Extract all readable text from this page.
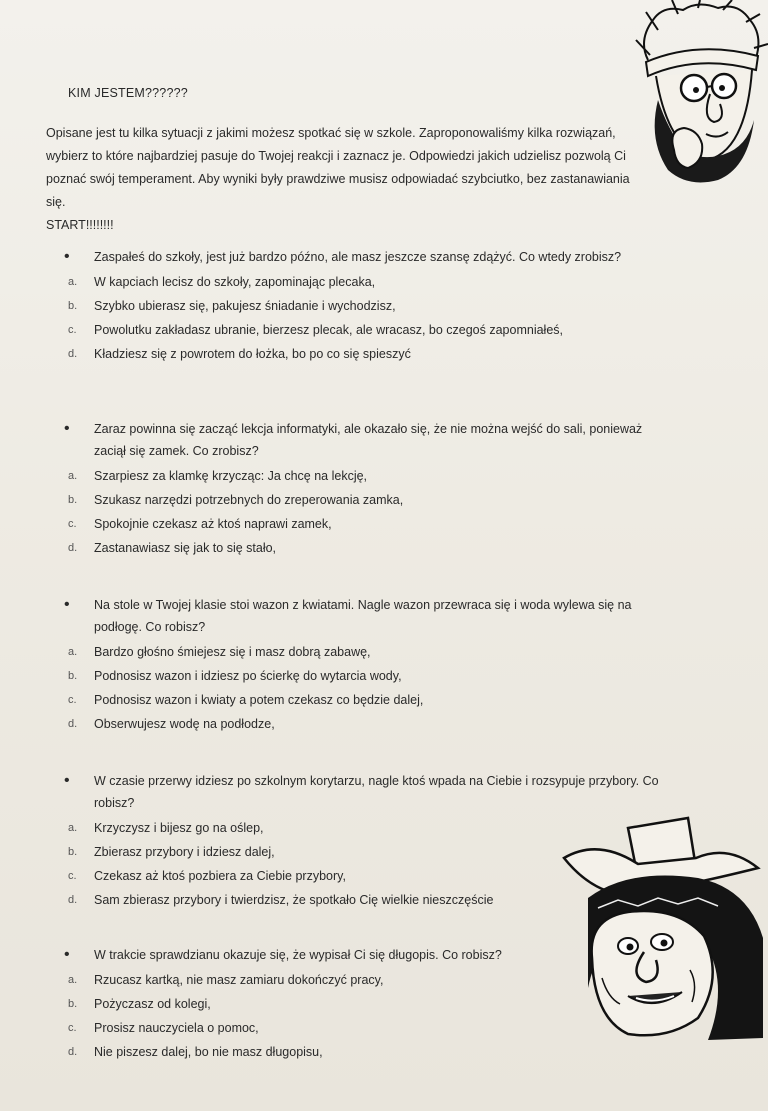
KIM JESTEM??????
Opisane jest tu kilka sytuacji z jakimi możesz spotkać się w szkole. Zaproponowaliśmy kilka rozwiązań, wybierz to które najbardziej pasuje do Twojej reakcji i zaznacz je. Odpowiedzi jakich udzielisz pozwolą Ci poznać swój temperament. Aby wyniki były prawdziwe musisz odpowiadać szybciutko, bez zastanawiania się.
START!!!!!!!!
•	Zaspałeś do szkoły, jest już bardzo późno, ale masz jeszcze szansę zdążyć. Co wtedy zrobisz?
a.	W kapciach lecisz do szkoły, zapominając plecaka,
b.	Szybko ubierasz się, pakujesz śniadanie i wychodzisz,
c.	Powolutku zakładasz ubranie, bierzesz plecak, ale wracasz, bo czegoś zapomniałeś,
d.	Kładziesz się z powrotem do łożka, bo po co się spieszyć
•	Zaraz powinna się zacząć lekcja informatyki, ale okazało się, że nie można wejść do sali, ponieważ zaciął się zamek. Co zrobisz?
a.	Szarpiesz za klamkę krzycząc: Ja chcę na lekcję,
b.	Szukasz narzędzi potrzebnych do zreperowania zamka,
c.	Spokojnie czekasz aż ktoś naprawi zamek,
d.	Zastanawiasz się jak to się stało,
•	Na stole w Twojej klasie stoi wazon z kwiatami. Nagle wazon przewraca się i woda wylewa się na podłogę. Co robisz?
a.	Bardzo głośno śmiejesz się i masz dobrą zabawę,
b.	Podnosisz wazon i idziesz po ścierkę do wytarcia wody,
c.	Podnosisz wazon i kwiaty a potem czekasz co będzie dalej,
d.	Obserwujesz wodę na podłodze,
•	W czasie przerwy idziesz po szkolnym korytarzu, nagle ktoś wpada na Ciebie i rozsypuje przybory. Co robisz?
a.	Krzyczysz i bijesz go na oślep,
b.	Zbierasz przybory i idziesz dalej,
c.	Czekasz aż ktoś pozbiera za Ciebie przybory,
d.	Sam zbierasz przybory i twierdzisz, że spotkało Cię wielkie nieszczęście
•	W trakcie sprawdzianu okazuje się, że wypisał Ci się długopis. Co robisz?
a.	Rzucasz kartką, nie masz zamiaru dokończyć pracy,
b.	Pożyczasz od kolegi,
c.	Prosisz nauczyciela o pomoc,
d.	Nie piszesz dalej, bo nie masz długopisu,
